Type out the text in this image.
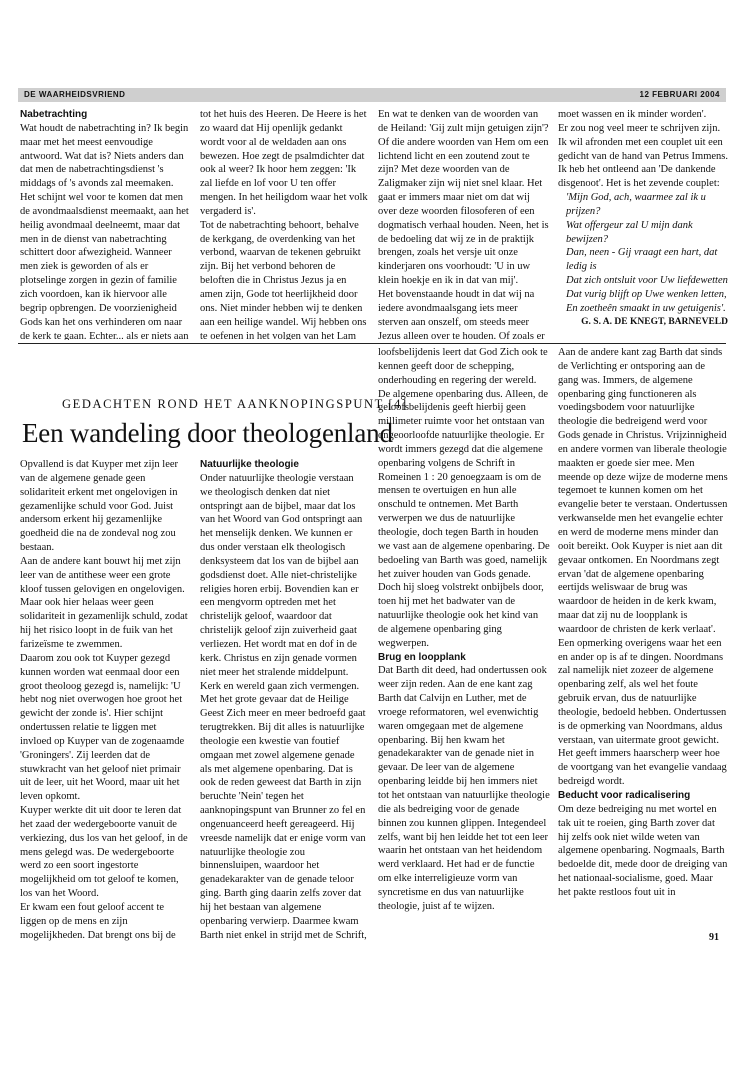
DE WAARHEIDSVRIEND	12 FEBRUARI 2004

Nabetrachting

Wat houdt de nabetrachting in? Ik begin maar met het meest eenvoudige antwoord. Wat dat is? Niets anders dan dat men de nabetrachtingsdienst 's middags of 's avonds zal meemaken. Het schijnt wel voor te komen dat men de avondmaalsdienst meemaakt, aan het heilig avondmaal deelneemt, maar dat men in de dienst van nabetrachting schittert door afwezigheid. Wanneer men ziek is geworden of als er plotselinge zorgen in gezin of familie zich voordoen, kan ik hiervoor alle begrip opbrengen. De voorzienigheid Gods kan het ons verhinderen om naar de kerk te gaan. Echter... als er niets aan

tot het huis des Heeren. De Heere is het zo waard dat Hij openlijk gedankt wordt voor al de weldaden aan ons bewezen. Hoe zegt de psalmdichter dat ook al weer? Ik hoor hem zeggen: 'Ik zal liefde en lof voor U ten offer mengen. In het heiligdom waar het volk vergaderd is'.

Tot de nabetrachting behoort, behalve de kerkgang, de overdenking van het verbond, waarvan de tekenen gebruikt zijn. Bij het verbond behoren de beloften die in Christus Jezus ja en amen zijn, Gode tot heerlijkheid door ons. Niet minder hebben wij te denken aan een heilige wandel. Wij hebben ons te oefenen in het volgen van het Lam

En wat te denken van de woorden van de Heiland: 'Gij zult mijn getuigen zijn'? Of die andere woorden van Hem om een lichtend licht en een zoutend zout te zijn? Met deze woorden van de Zaligmaker zijn wij niet snel klaar. Het gaat er immers maar niet om dat wij over deze woorden filosoferen of een dogmatisch verhaal houden. Neen, het is de bedoeling dat wij ze in de praktijk brengen, zoals het versje uit onze kinderjaren ons voorhoudt: 'U in uw klein hoekje en ik in dat van mij'.

Het bovenstaande houdt in dat wij na iedere avondmaalsgang iets meer sterven aan onszelf, om steeds meer Jezus alleen over te houden. Of zoals er

moet wassen en ik minder worden'.

Er zou nog veel meer te schrijven zijn. Ik wil afronden met een couplet uit een gedicht van de hand van Petrus Immens. Ik heb het ontleend aan 'De dankende disgenoot'. Het is het zevende couplet:

'Mijn God, ach, waarmee zal ik u prijzen?

Wat offergeur zal U mijn dank bewijzen?

Dan, neen - Gij vraagt een hart, dat ledig is

Dat zich ontsluit voor Uw liefdewetten

Dat vurig blijft op Uwe wenken letten,

En zoetheên smaakt in uw getuigenis'.

G. S. A. DE KNEGT, BARNEVELD

GEDACHTEN ROND HET AANKNOPINGSPUNT [4]
Een wandeling door theologenland

Opvallend is dat Kuyper met zijn leer van de algemene genade geen solidariteit erkent met ongelovigen in gezamenlijke schuld voor God. Juist andersom erkent hij gezamenlijke goedheid die na de zondeval nog zou bestaan.

Aan de andere kant bouwt hij met zijn leer van de antithese weer een grote kloof tussen gelovigen en ongelovigen. Maar ook hier helaas weer geen solidariteit in gezamenlijk schuld, zodat hij het risico loopt in de fuik van het farizeïsme te zwemmen.

Daarom zou ook tot Kuyper gezegd kunnen worden wat eenmaal door een groot theoloog gezegd is, namelijk: 'U hebt nog niet overwogen hoe groot het gewicht der zonde is'. Hier schijnt ondertussen relatie te liggen met invloed op Kuyper van de zogenaamde 'Groningers'. Zij leerden dat de stuwkracht van het geloof niet primair uit de leer, uit het Woord, maar uit het leven opkomt.

Kuyper werkte dit uit door te leren dat het zaad der wedergeboorte vanuit de verkiezing, dus los van het geloof, in de mens gelegd was. De wedergeboorte werd zo een soort ingestorte mogelijkheid om tot geloof te komen, los van het Woord.

Er kwam een fout geloof accent te liggen op de mens en zijn mogelijkheden. Dat brengt ons bij de

Natuurlijke theologie

Onder natuurlijke theologie verstaan we theologisch denken dat niet ontspringt aan de bijbel, maar dat los van het Woord van God ontspringt aan het menselijk denken. We kunnen er dus onder verstaan elk theologisch denksysteem dat los van de bijbel aan godsdienst doet. Alle niet-christelijke religies horen erbij. Bovendien kan er een mengvorm optreden met het christelijk geloof, waardoor dat christelijk geloof zijn zuiverheid gaat verliezen. Het wordt mat en dof in de kerk. Christus en zijn genade vormen niet meer het stralende middelpunt. Kerk en wereld gaan zich vermengen. Met het grote gevaar dat de Heilige Geest Zich meer en meer bedroefd gaat terugtrekken. Bij dit alles is natuurlijke theologie een kwestie van foutief omgaan met zowel algemene genade als met algemene openbaring. Dat is ook de reden geweest dat Barth in zijn beruchte 'Nein' tegen het aanknopingspunt van Brunner zo fel en ongenuanceerd heeft gereageerd. Hij vreesde namelijk dat er enige vorm van natuurlijke theologie zou binnensluipen, waardoor het genadekarakter van de genade teloor ging. Barth ging daarin zelfs zover dat hij het bestaan van algemene openbaring verwierp. Daarmee kwam Barth niet enkel in strijd met de Schrift,

loofsbelijdenis leert dat God Zich ook te kennen geeft door de schepping, onderhouding en regering der wereld. De algemene openbaring dus. Alleen, de geloofsbelijdenis geeft hierbij geen millimeter ruimte voor het ontstaan van ongeoorloofde natuurlijke theologie. Er wordt immers gezegd dat die algemene openbaring volgens de Schrift in Romeinen 1 : 20 genoegzaam is om de mensen te overtuigen en hun alle onschuld te ontnemen. Met Barth verwerpen we dus de natuurlijke theologie, doch tegen Barth in houden we vast aan de algemene openbaring. De bedoeling van Barth was goed, namelijk het zuiver houden van Gods genade. Doch hij sloeg volstrekt onbijbels door, toen hij met het badwater van de natuurlijke theologie ook het kind van de algemene openbaring ging wegwerpen.

Brug en loopplank

Dat Barth dit deed, had ondertussen ook weer zijn reden. Aan de ene kant zag Barth dat Calvijn en Luther, met de vroege reformatoren, wel evenwichtig waren omgegaan met de algemene openbaring. Bij hen kwam het genadekarakter van de genade niet in gevaar. De leer van de algemene openbaring leidde bij hen immers niet tot het ontstaan van natuurlijke theologie die als bedreiging voor de genade binnen zou kunnen glippen. Integendeel zelfs, want bij hen leidde het tot een leer waarin het ontstaan van het heidendom werd verklaard. Het had er de functie om elke interreligieuze vorm van syncretisme en dus van natuurlijke theologie, juist af te wijzen.

Aan de andere kant zag Barth dat sinds de Verlichting er ontsporing aan de gang was. Immers, de algemene openbaring ging functioneren als voedingsbodem voor natuurlijke theologie die bedreigend werd voor Gods genade in Christus. Vrijzinnigheid en andere vormen van liberale theologie maakten er goede sier mee. Men meende op deze wijze de moderne mens tegemoet te kunnen komen om het evangelie beter te verstaan. Ondertussen verkwanselde men het evangelie echter en werd de moderne mens minder dan ooit bereikt. Ook Kuyper is niet aan dit gevaar ontkomen. En Noordmans zegt ervan 'dat de algemene openbaring eertijds weliswaar de brug was waardoor de heiden in de kerk kwam, maar dat zij nu de loopplank is waardoor de christen de kerk verlaat'.

Een opmerking overigens waar het een en ander op is af te dingen. Noordmans zal namelijk niet zozeer de algemene openbaring zelf, als wel het foute gebruik ervan, dus de natuurlijke theologie, bedoeld hebben. Ondertussen is de opmerking van Noordmans, aldus verstaan, van uitermate groot gewicht. Het geeft immers haarscherp weer hoe de voortgang van het evangelie vandaag bedreigd wordt.

Beducht voor radicalisering

Om deze bedreiging nu met wortel en tak uit te roeien, ging Barth zover dat hij zelfs ook niet wilde weten van algemene openbaring. Nogmaals, Barth bedoelde dit, mede door de dreiging van het nationaal-socialisme, goed. Maar het pakte restloos fout uit in

91
